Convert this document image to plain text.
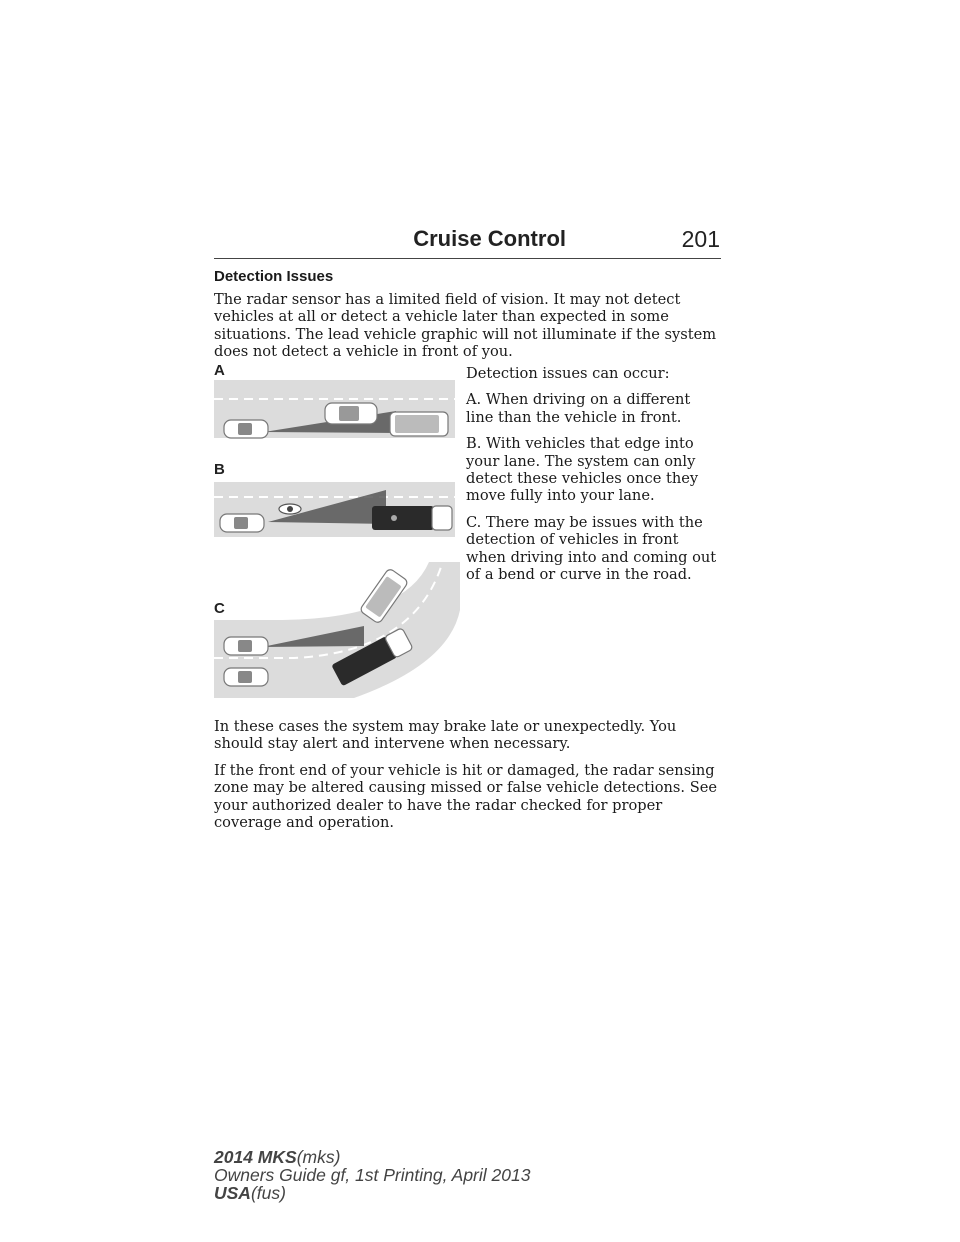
Cruise Control	201
Detection Issues

The radar sensor has a limited field of vision. It may not detect vehicles at all or detect a vehicle later than expected in some situations. The lead vehicle graphic will not illuminate if the system does not detect a vehicle in front of you.

A
B
C

Detection issues can occur:

A. When driving on a different line than the vehicle in front.

B. With vehicles that edge into your lane. The system can only detect these vehicles once they move fully into your lane.

C. There may be issues with the detection of vehicles in front when driving into and coming out of a bend or curve in the road.

In these cases the system may brake late or unexpectedly. You should stay alert and intervene when necessary.

If the front end of your vehicle is hit or damaged, the radar sensing zone may be altered causing missed or false vehicle detections. See your authorized dealer to have the radar checked for proper coverage and operation.

2014 MKS(mks)
Owners Guide gf, 1st Printing, April 2013
USA(fus)
